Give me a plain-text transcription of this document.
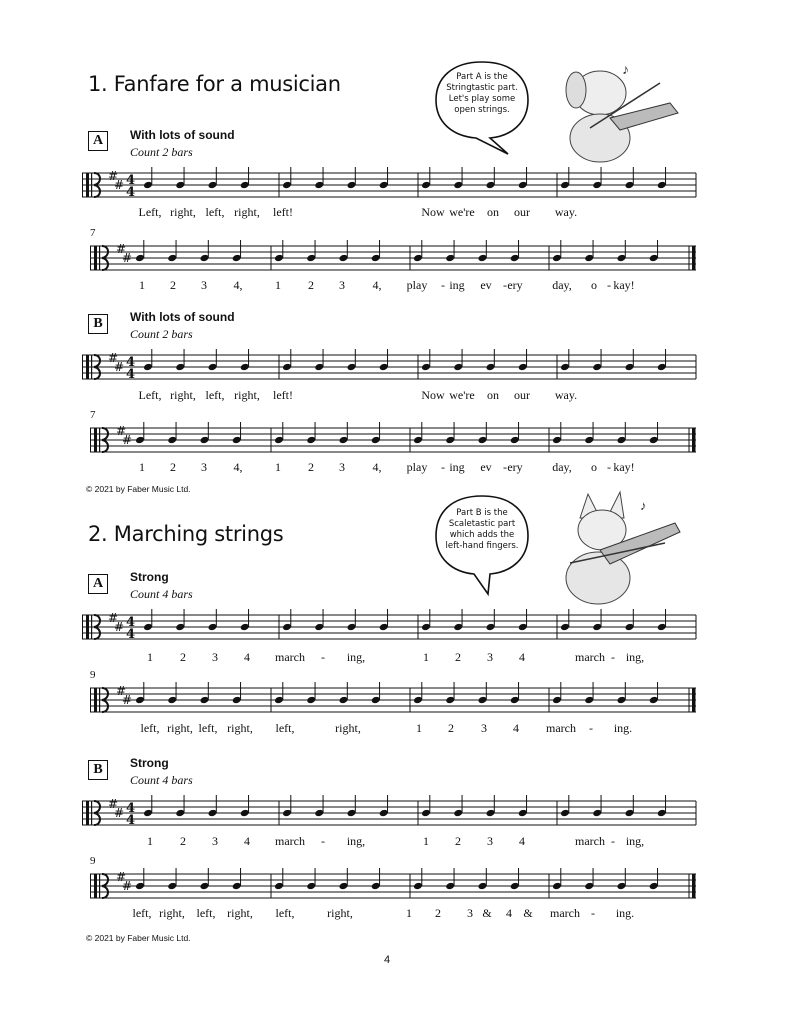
1. Fanfare for a musician	Part A is the
Stringtastic part.
Let's play some
open strings.
♪
A	With lots of sound
Count 2 bars
#
# 4
4
7
#
#
B	With lots of sound
Count 2 bars
#
# 4
4
7
#
#
© 2021 by Faber Music Ltd.
2. Marching strings
Part B is the
Scaletastic part
which adds the
left-hand fingers.
♪
A	Strong
Count 4 bars
#
# 4
4
9
#
#
B	Strong
Count 4 bars
#
# 4
4
9
#
#
© 2021 by Faber Music Ltd.
4
Left, right, left, right, left!	Now we're on our way.
1 2 3 4,	1 2 3 4, play - ing ev - ery day, o - kay!
Left, right, left, right, left!	Now we're on our way.
1 2 3 4,	1 2 3 4, play - ing ev - ery day, o - kay!
1 2 3 4 march - ing,	1 2 3 4	march - ing,
left, right, left, right, left,	right,	1 2 3 4 march - ing.
1 2 3 4 march - ing,	1 2 3 4	march - ing,
left, right, left, right, left,	right,	1 2 3 & 4 & march - ing.
